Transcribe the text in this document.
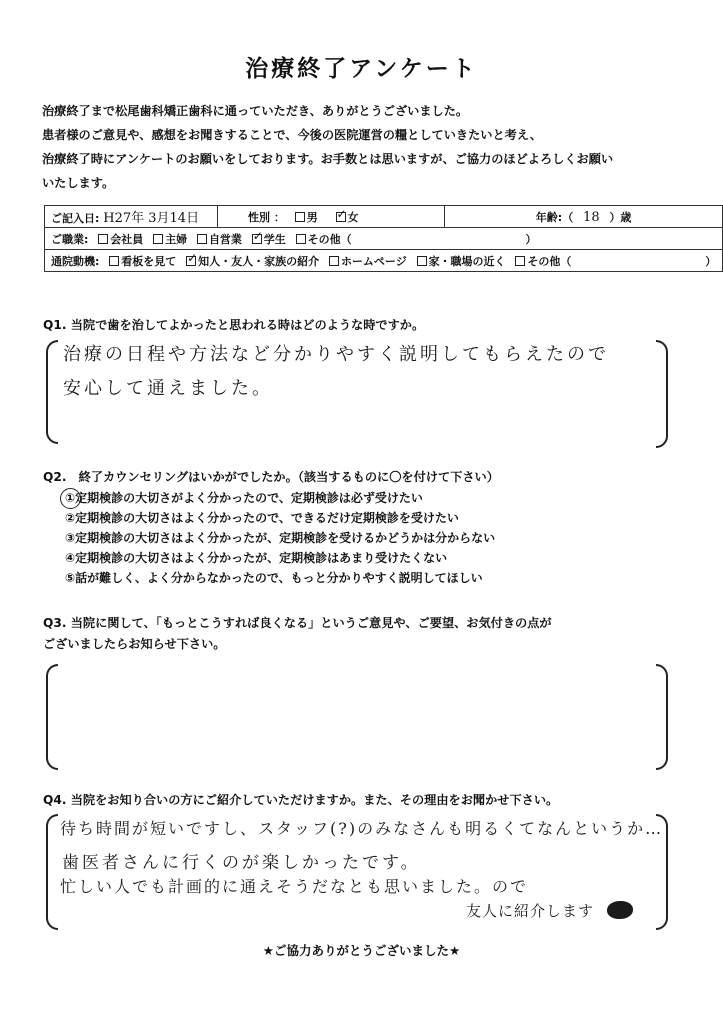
治療終了アンケート
治療終了まで松尾歯科矯正歯科に通っていただき、ありがとうございました。
患者様のご意見や、感想をお聞きすることで、今後の医院運営の糧としていきたいと考え、
治療終了時にアンケートのお願いをしております。お手数とは思いますが、ご協力のほどよろしくお願い
いたします。
ご記入日: H27年 3月14日	性別 ： 男 ✓	女	年齢:（ 18 ）歳
ご職業: 会社員 主婦 自営業 ✓ 学生 その他（	）
通院動機: 看板を見て ✓ 知人・友人・家族の紹介 ホームページ 家・職場の近く その他（	）
Q1. 当院で歯を治してよかったと思われる時はどのような時ですか。
治療の日程や方法など分かりやすく説明してもらえたので
安心して通えました。
Q2.　終了カウンセリングはいかがでしたか。（該当するものに〇を付けて下さい）
①定期検診の大切さがよく分かったので、定期検診は必ず受けたい
②定期検診の大切さはよく分かったので、できるだけ定期検診を受けたい
③定期検診の大切さはよく分かったが、定期検診を受けるかどうかは分からない
④定期検診の大切さはよく分かったが、定期検診はあまり受けたくない
⑤話が難しく、よく分からなかったので、もっと分かりやすく説明してほしい
Q3. 当院に関して、「もっとこうすれば良くなる」というご意見や、ご要望、お気付きの点が
ございましたらお知らせ下さい。
Q4. 当院をお知り合いの方にご紹介していただけますか。また、その理由をお聞かせ下さい。
待ち時間が短いですし、スタッフ(?)のみなさんも明るくてなんというか…
歯医者さんに行くのが楽しかったです。
忙しい人でも計画的に通えそうだなとも思いました。ので
友人に紹介します
★ご協力ありがとうございました★
